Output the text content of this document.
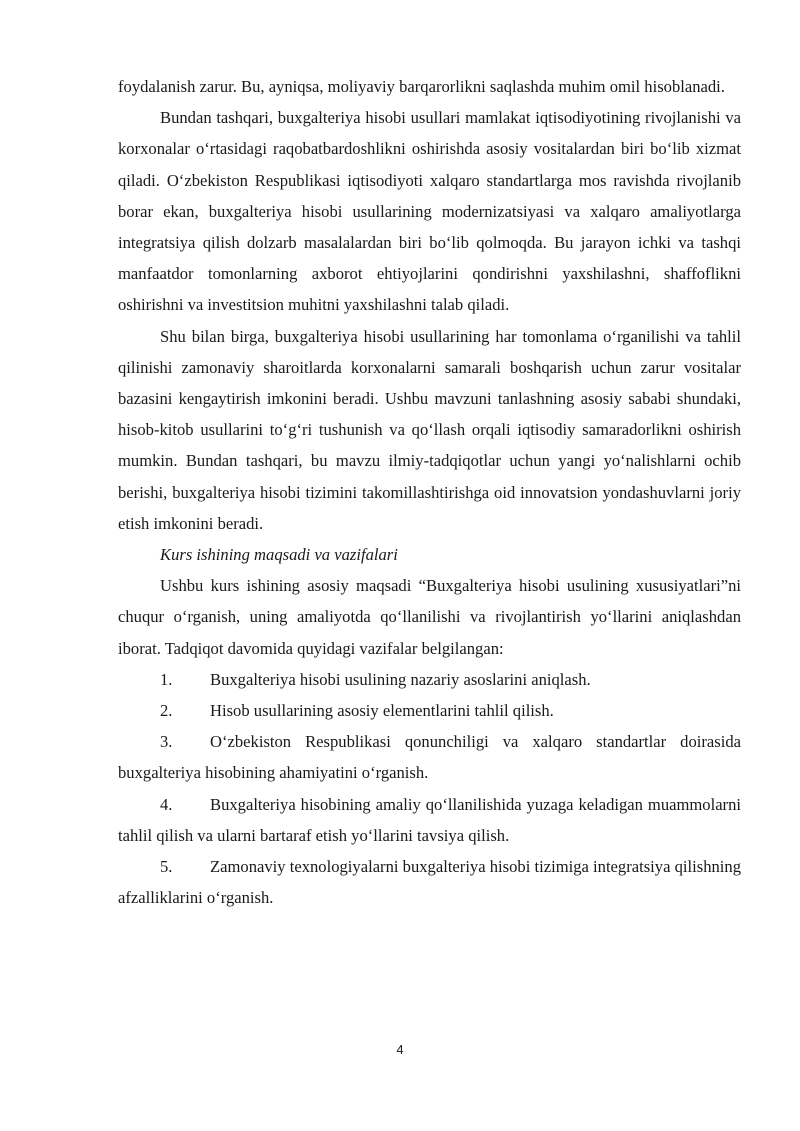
foydalanish zarur. Bu, ayniqsa, moliyaviy barqarorlikni saqlashda muhim omil hisoblanadi.

Bundan tashqari, buxgalteriya hisobi usullari mamlakat iqtisodiyotining rivojlanishi va korxonalar o‘rtasidagi raqobatbardoshlikni oshirishda asosiy vositalardan biri bo‘lib xizmat qiladi. O‘zbekiston Respublikasi iqtisodiyoti xalqaro standartlarga mos ravishda rivojlanib borar ekan, buxgalteriya hisobi usullarining modernizatsiyasi va xalqaro amaliyotlarga integratsiya qilish dolzarb masalalardan biri bo‘lib qolmoqda. Bu jarayon ichki va tashqi manfaatdor tomonlarning axborot ehtiyojlarini qondirishni yaxshilashni, shaffoflikni oshirishni va investitsion muhitni yaxshilashni talab qiladi.

Shu bilan birga, buxgalteriya hisobi usullarining har tomonlama o‘rganilishi va tahlil qilinishi zamonaviy sharoitlarda korxonalarni samarali boshqarish uchun zarur vositalar bazasini kengaytirish imkonini beradi. Ushbu mavzuni tanlashning asosiy sababi shundaki, hisob-kitob usullarini to‘g‘ri tushunish va qo‘llash orqali iqtisodiy samaradorlikni oshirish mumkin. Bundan tashqari, bu mavzu ilmiy-tadqiqotlar uchun yangi yo‘nalishlarni ochib berishi, buxgalteriya hisobi tizimini takomillashtirishga oid innovatsion yondashuvlarni joriy etish imkonini beradi.

Kurs ishining maqsadi va vazifalari

Ushbu kurs ishining asosiy maqsadi “Buxgalteriya hisobi usulining xususiyatlari”ni chuqur o‘rganish, uning amaliyotda qo‘llanilishi va rivojlantirish yo‘llarini aniqlashdan iborat. Tadqiqot davomida quyidagi vazifalar belgilangan:

1. Buxgalteriya hisobi usulining nazariy asoslarini aniqlash.

2. Hisob usullarining asosiy elementlarini tahlil qilish.

3. O‘zbekiston Respublikasi qonunchiligi va xalqaro standartlar doirasida buxgalteriya hisobining ahamiyatini o‘rganish.

4. Buxgalteriya hisobining amaliy qo‘llanilishida yuzaga keladigan muammolarni tahlil qilish va ularni bartaraf etish yo‘llarini tavsiya qilish.

5. Zamonaviy texnologiyalarni buxgalteriya hisobi tizimiga integratsiya qilishning afzalliklarini o‘rganish.

4
